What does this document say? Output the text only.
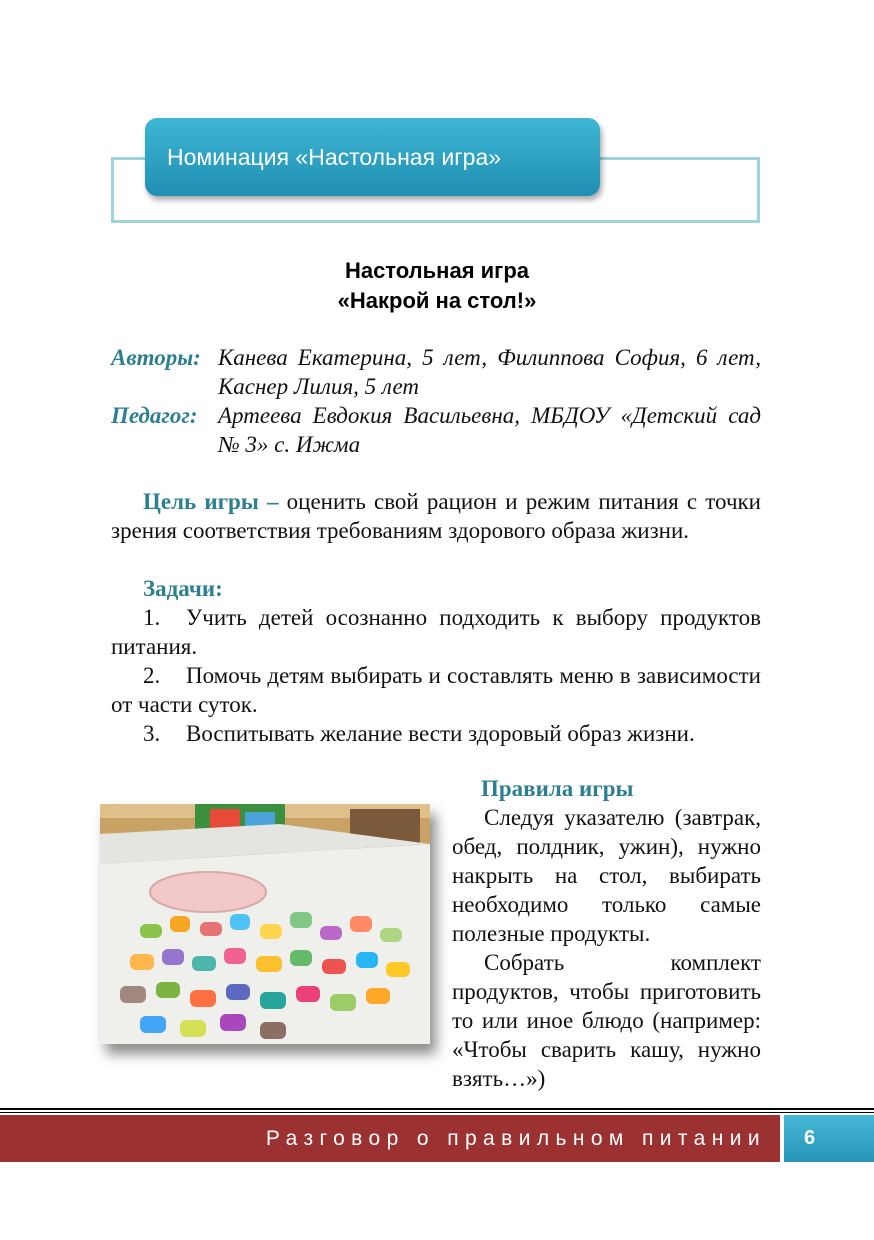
Номинация «Настольная игра»
Настольная игра
«Накрой на стол!»
Авторы: Канева Екатерина, 5 лет, Филиппова София, 6 лет, Каснер Лилия, 5 лет
Педагог: Артеева Евдокия Васильевна, МБДОУ «Детский сад № 3» с. Ижма
Цель игры – оценить свой рацион и режим питания с точки зрения соответствия требованиям здорового образа жизни.
Задачи:
1. Учить детей осознанно подходить к выбору продуктов питания.
2. Помочь детям выбирать и составлять меню в зависимости от части суток.
3. Воспитывать желание вести здоровый образ жизни.
Правила игры
Следуя указателю (завтрак, обед, полдник, ужин), нужно накрыть на стол, выбирать необходимо только самые полезные продукты.
Собрать комплект продуктов, чтобы приготовить то или иное блюдо (например: «Чтобы сварить кашу, нужно взять…»)
Разговор о правильном питании 6
